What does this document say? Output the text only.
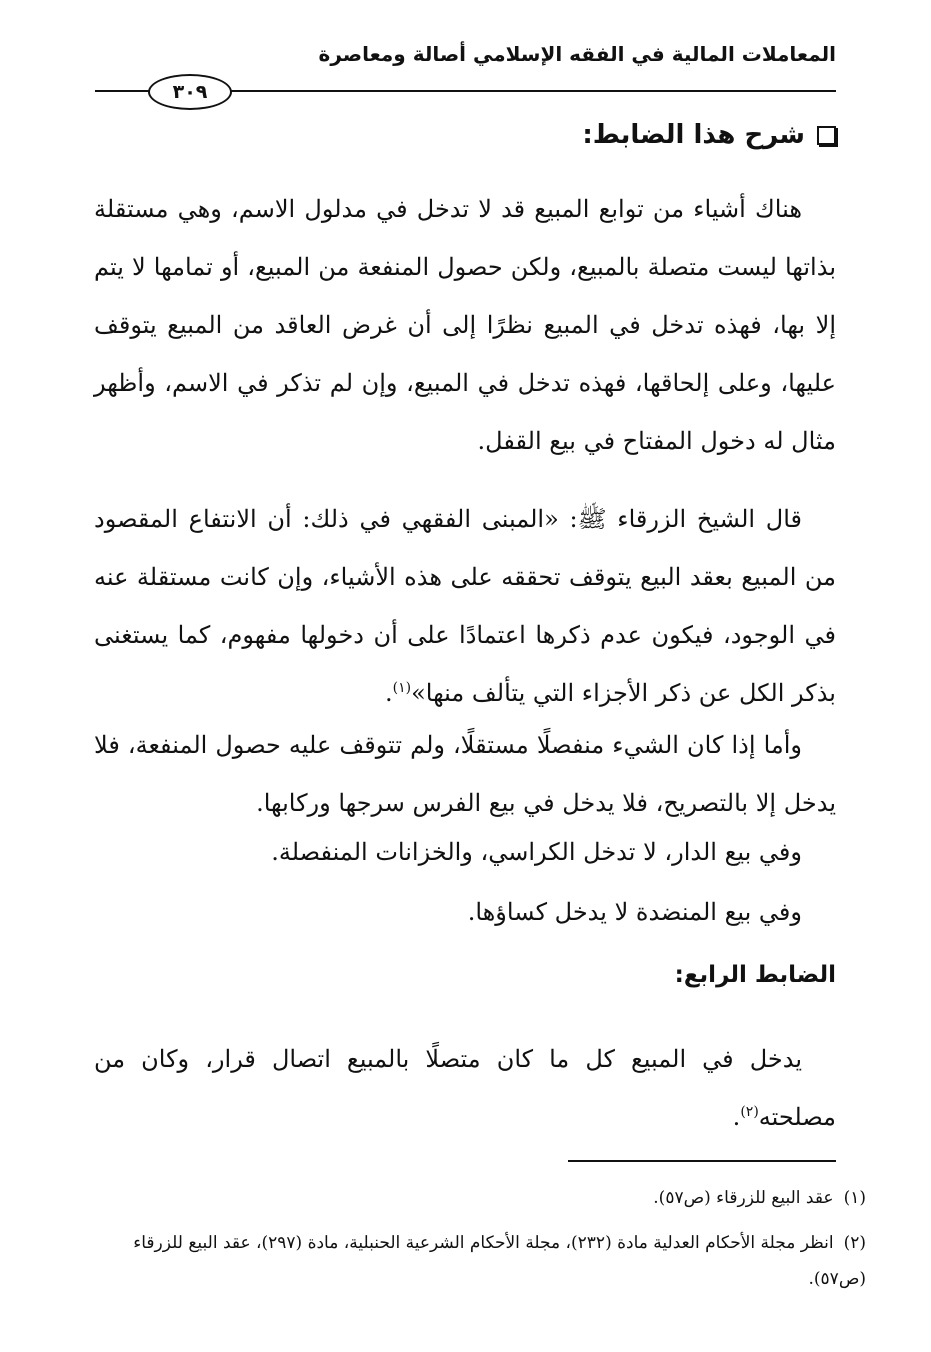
المعاملات المالية في الفقه الإسلامي أصالة ومعاصرة
٣٠٩
شرح هذا الضابط:
هناك أشياء من توابع المبيع قد لا تدخل في مدلول الاسم، وهي مستقلة بذاتها ليست متصلة بالمبيع، ولكن حصول المنفعة من المبيع، أو تمامها لا يتم إلا بها، فهذه تدخل في المبيع نظرًا إلى أن غرض العاقد من المبيع يتوقف عليها، وعلى إلحاقها، فهذه تدخل في المبيع، وإن لم تذكر في الاسم، وأظهر مثال له دخول المفتاح في بيع القفل.
قال الشيخ الزرقاء ﷺ: «المبنى الفقهي في ذلك: أن الانتفاع المقصود من المبيع بعقد البيع يتوقف تحققه على هذه الأشياء، وإن كانت مستقلة عنه في الوجود، فيكون عدم ذكرها اعتمادًا على أن دخولها مفهوم، كما يستغنى بذكر الكل عن ذكر الأجزاء التي يتألف منها»$^{(١)}$.
وأما إذا كان الشيء منفصلًا مستقلًا، ولم تتوقف عليه حصول المنفعة، فلا يدخل إلا بالتصريح، فلا يدخل في بيع الفرس سرجها وركابها.
وفي بيع الدار، لا تدخل الكراسي، والخزانات المنفصلة.
وفي بيع المنضدة لا يدخل كساؤها.
الضابط الرابع:
يدخل في المبيع كل ما كان متصلًا بالمبيع اتصال قرار، وكان من مصلحته$^{(٢)}$.
(١)عقد البيع للزرقاء (ص٥٧).
(٢)انظر مجلة الأحكام العدلية مادة (٢٣٢)، مجلة الأحكام الشرعية الحنبلية، مادة (٢٩٧)، عقد البيع للزرقاء (ص٥٧).
